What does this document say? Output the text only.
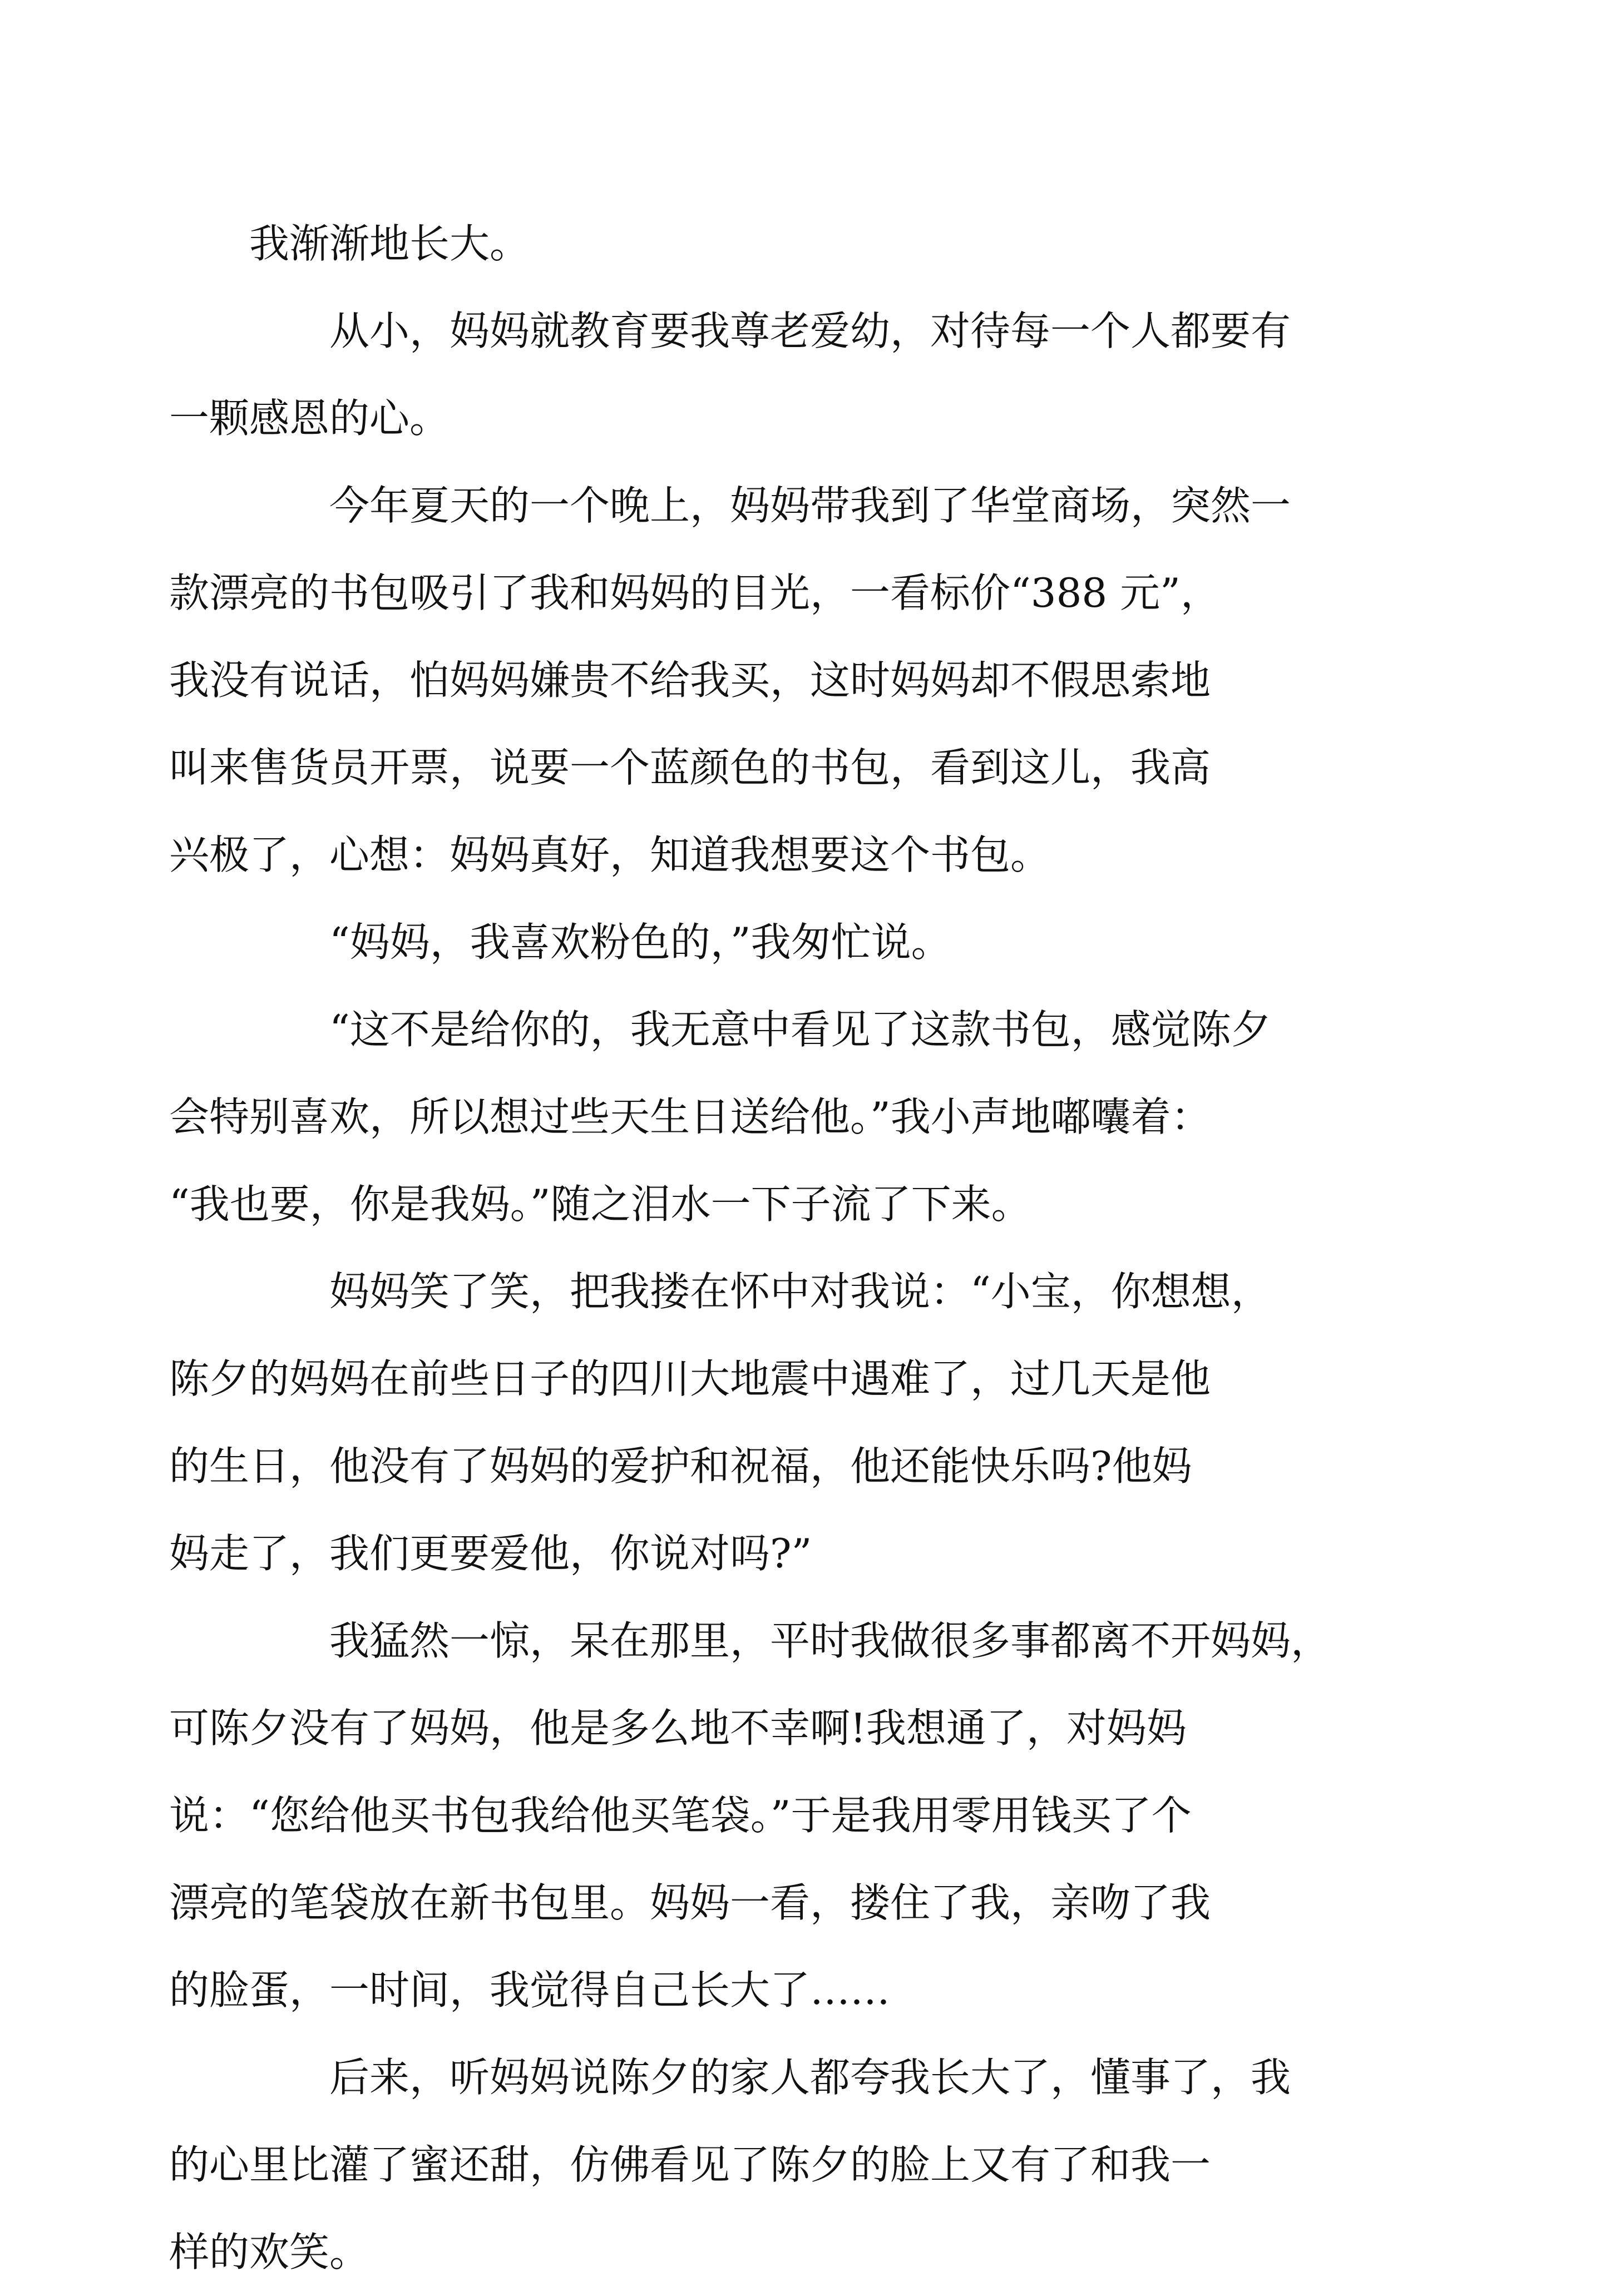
我渐渐地长大。

从小，妈妈就教育要我尊老爱幼，对待每一个人都要有
一颗感恩的心。

今年夏天的一个晚上，妈妈带我到了华堂商场，突然一
款漂亮的书包吸引了我和妈妈的目光，一看标价“388 元”，
我没有说话，怕妈妈嫌贵不给我买，这时妈妈却不假思索地
叫来售货员开票，说要一个蓝颜色的书包，看到这儿，我高
兴极了，心想：妈妈真好，知道我想要这个书包。

“妈妈，我喜欢粉色的，”我匆忙说。

“这不是给你的，我无意中看见了这款书包，感觉陈夕
会特别喜欢，所以想过些天生日送给他。”我小声地嘟囔着：
“我也要，你是我妈。”随之泪水一下子流了下来。

妈妈笑了笑，把我搂在怀中对我说：“小宝，你想想，
陈夕的妈妈在前些日子的四川大地震中遇难了，过几天是他
的生日，他没有了妈妈的爱护和祝福，他还能快乐吗?他妈
妈走了，我们更要爱他，你说对吗?”

我猛然一惊，呆在那里，平时我做很多事都离不开妈妈，
可陈夕没有了妈妈，他是多么地不幸啊!我想通了，对妈妈
说：“您给他买书包我给他买笔袋。”于是我用零用钱买了个
漂亮的笔袋放在新书包里。妈妈一看，搂住了我，亲吻了我
的脸蛋，一时间，我觉得自己长大了……

后来，听妈妈说陈夕的家人都夸我长大了，懂事了，我
的心里比灌了蜜还甜，仿佛看见了陈夕的脸上又有了和我一
样的欢笑。
